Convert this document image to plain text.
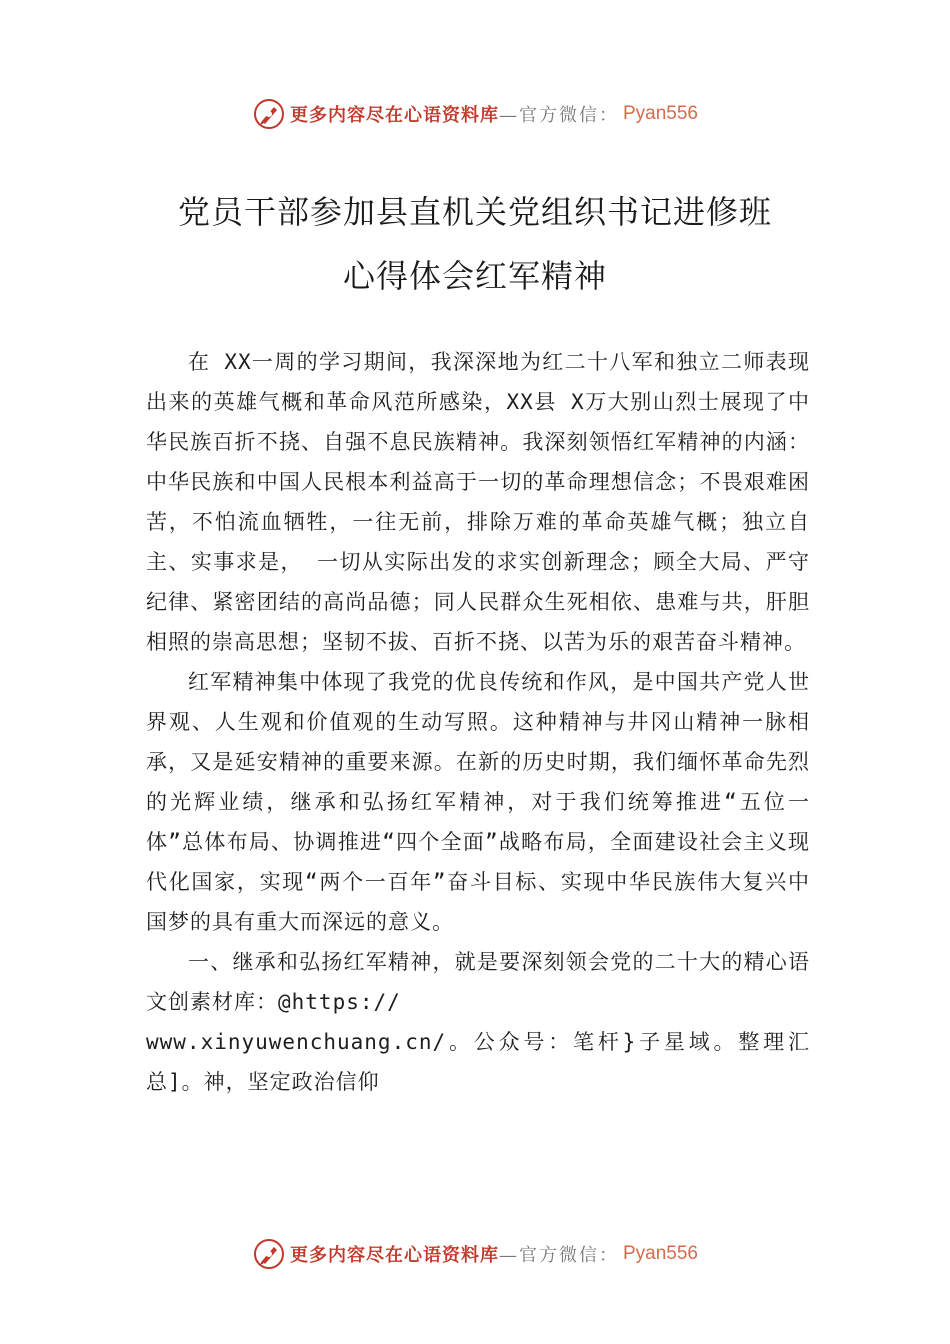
更多内容尽在心语资料库 —官方微信： Pyan556
党员干部参加县直机关党组织书记进修班
心得体会红军精神

在 XX一周的学习期间，我深深地为红二十八军和独立二师表现出来的英雄气概和革命风范所感染，XX县 X万大别山烈士展现了中华民族百折不挠、自强不息民族精神。我深刻领悟红军精神的内涵：中华民族和中国人民根本利益高于一切的革命理想信念；不畏艰难困苦，不怕流血牺牲，一往无前，排除万难的革命英雄气概；独立自主、实事求是， 一切从实际出发的求实创新理念；顾全大局、严守纪律、紧密团结的高尚品德；同人民群众生死相依、患难与共，肝胆相照的崇高思想；坚韧不拔、百折不挠、以苦为乐的艰苦奋斗精神。

红军精神集中体现了我党的优良传统和作风，是中国共产党人世界观、人生观和价值观的生动写照。这种精神与井冈山精神一脉相承，又是延安精神的重要来源。在新的历史时期，我们缅怀革命先烈的光辉业绩，继承和弘扬红军精神，对于我们统筹推进“五位一体”总体布局、协调推进“四个全面”战略布局，全面建设社会主义现代化国家，实现“两个一百年”奋斗目标、实现中华民族伟大复兴中国梦的具有重大而深远的意义。

一、继承和弘扬红军精神，就是要深刻领会党的二十大的精心语文创素材库：@https://

www.xinyuwenchuang.cn/。公众号：笔杆}子星域。整理汇总]。神，坚定政治信仰

更多内容尽在心语资料库 —官方微信： Pyan556
